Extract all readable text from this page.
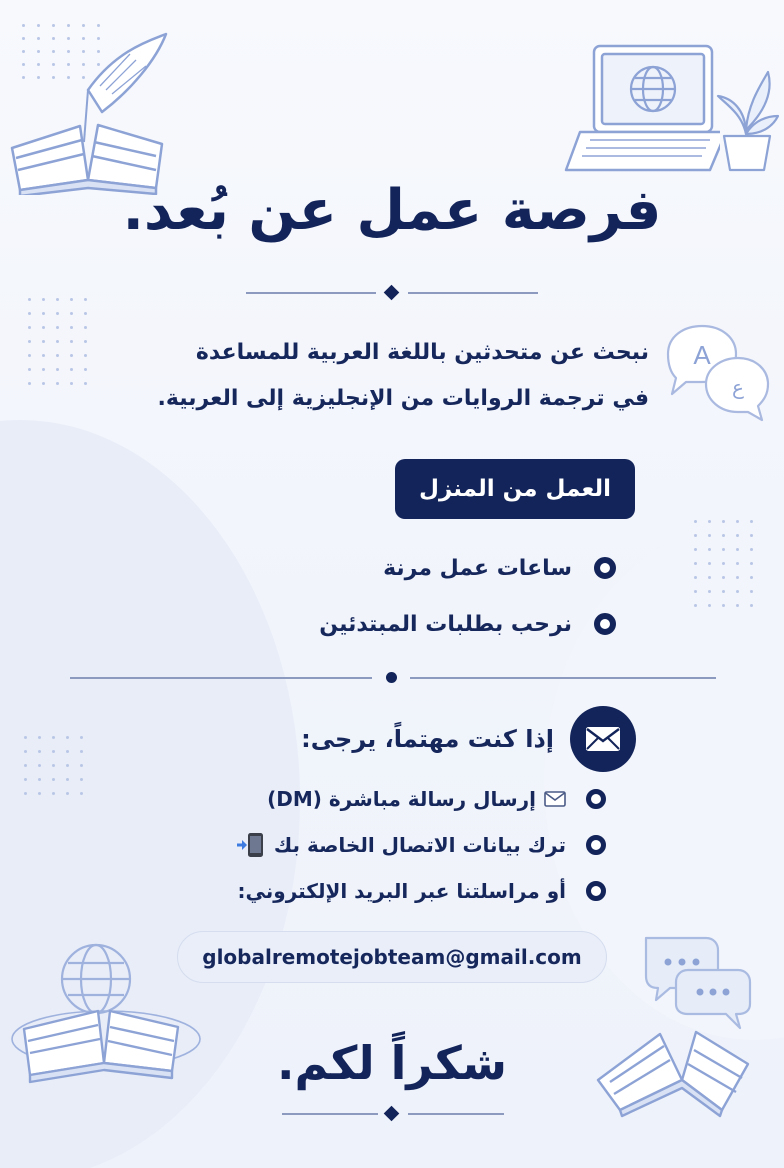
A
ع
فرصة عمل عن بُعد.
نبحث عن متحدثين باللغة العربية للمساعدة
في ترجمة الروايات من الإنجليزية إلى العربية.
العمل من المنزل
ساعات عمل مرنة
نرحب بطلبات المبتدئين
إذا كنت مهتماً، يرجى:
إرسال رسالة مباشرة (DM)
ترك بيانات الاتصال الخاصة بك
أو مراسلتنا عبر البريد الإلكتروني:
globalremotejobteam@gmail.com
شكراً لكم.
